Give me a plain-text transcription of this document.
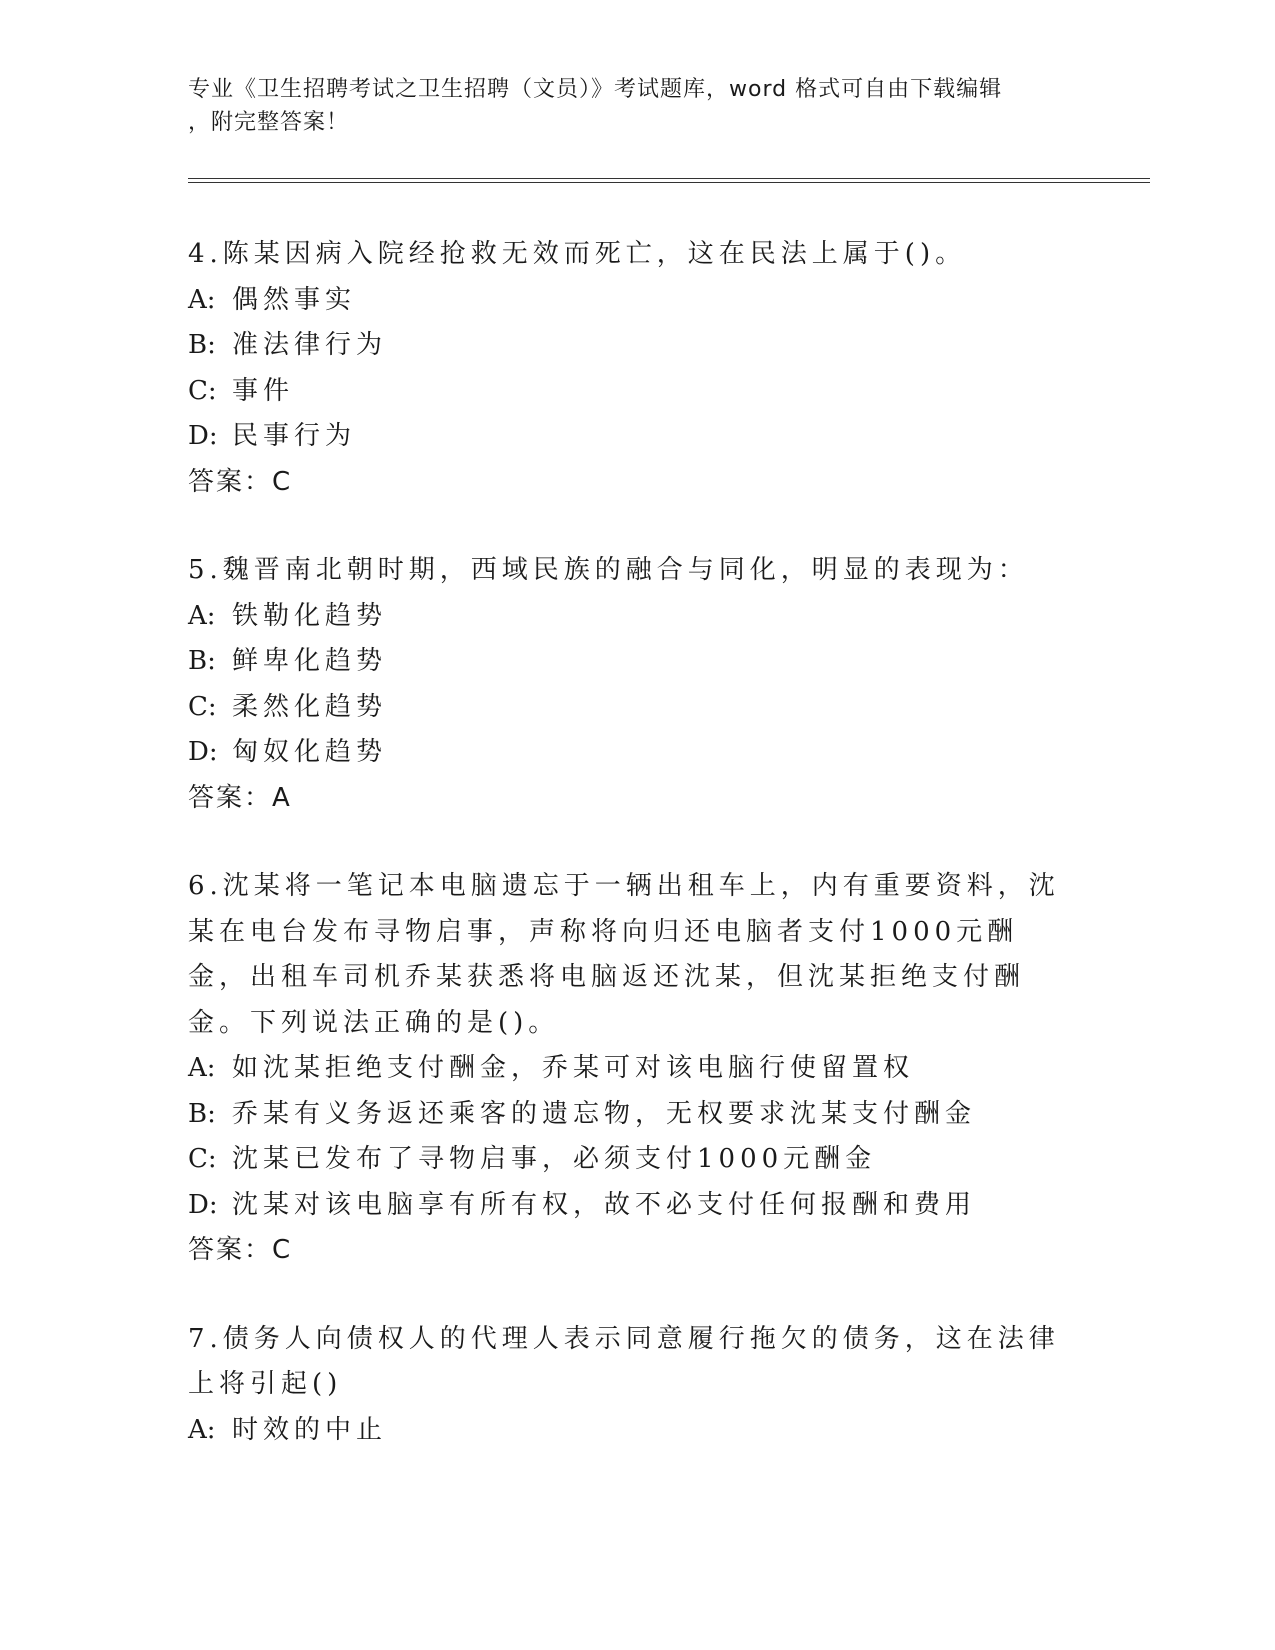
专业《卫生招聘考试之卫生招聘（文员）》考试题库，word 格式可自由下载编辑
，附完整答案！
4.陈某因病入院经抢救无效而死亡，这在民法上属于()。
A: 偶然事实
B: 准法律行为
C: 事件
D: 民事行为
答案：C
5.魏晋南北朝时期，西域民族的融合与同化，明显的表现为：
A: 铁勒化趋势
B: 鲜卑化趋势
C: 柔然化趋势
D: 匈奴化趋势
答案：A
6.沈某将一笔记本电脑遗忘于一辆出租车上，内有重要资料，沈某在电台发布寻物启事，声称将向归还电脑者支付1000元酬金，出租车司机乔某获悉将电脑返还沈某，但沈某拒绝支付酬金。下列说法正确的是()。
A: 如沈某拒绝支付酬金，乔某可对该电脑行使留置权
B: 乔某有义务返还乘客的遗忘物，无权要求沈某支付酬金
C: 沈某已发布了寻物启事，必须支付1000元酬金
D: 沈某对该电脑享有所有权，故不必支付任何报酬和费用
答案：C
7.债务人向债权人的代理人表示同意履行拖欠的债务，这在法律上将引起()
A: 时效的中止
